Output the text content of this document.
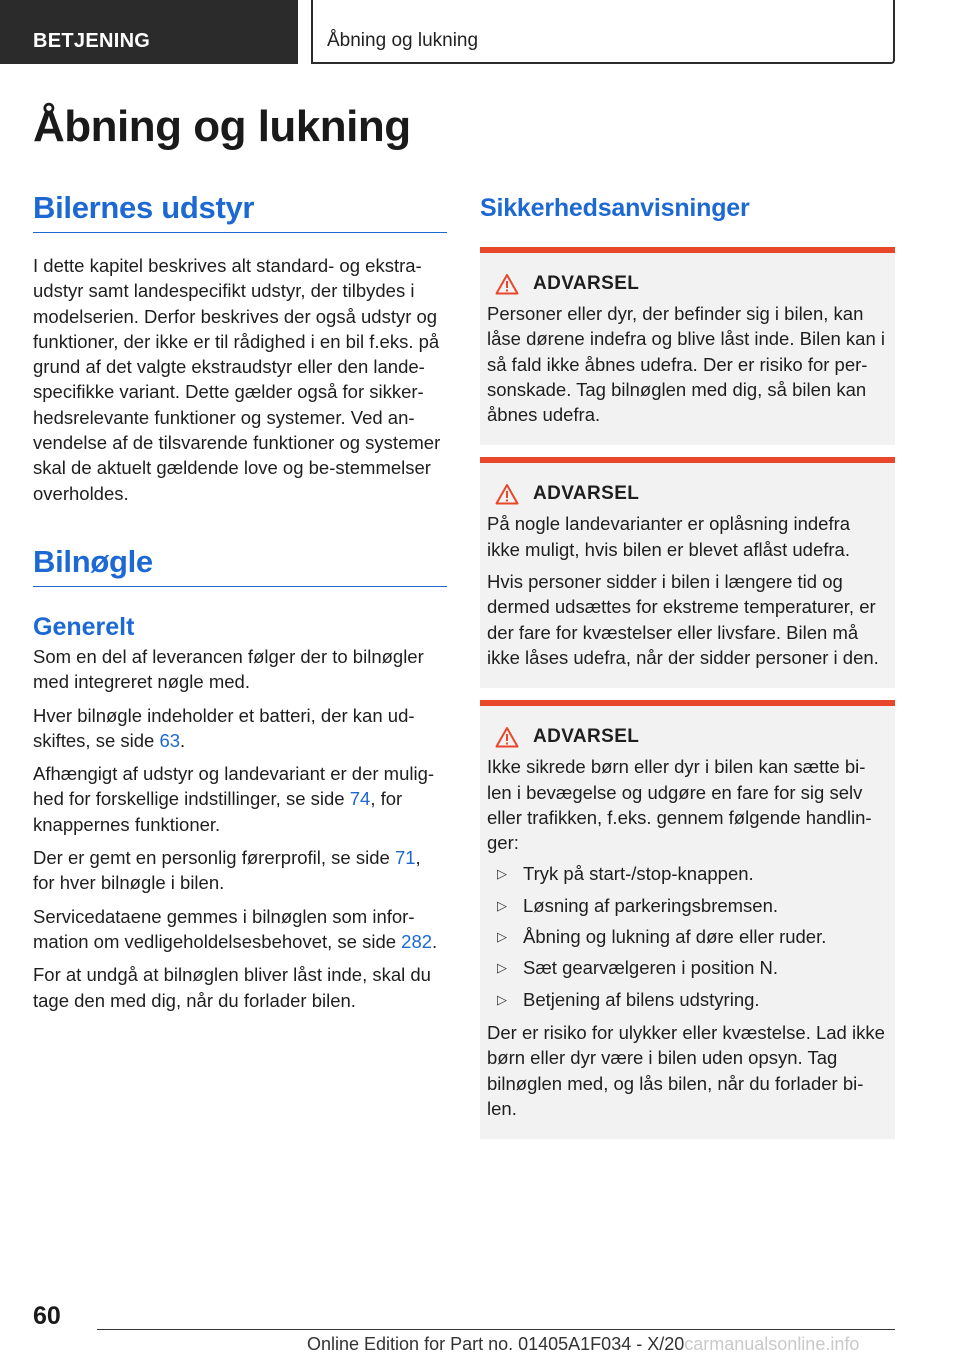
BETJENING	Åbning og lukning
Åbning og lukning
Bilernes udstyr

I dette kapitel beskrives alt standard- og ekstra-udstyr samt landespecifikt udstyr, der tilbydes i modelserien. Derfor beskrives der også udstyr og funktioner, der ikke er til rådighed i en bil f.eks. på grund af det valgte ekstraudstyr eller den lande-specifikke variant. Dette gælder også for sikker-hedsrelevante funktioner og systemer. Ved an-vendelse af de tilsvarende funktioner og systemer skal de aktuelt gældende love og be-stemmelser overholdes.

Bilnøgle
Generelt

Som en del af leverancen følger der to bilnøgler med integreret nøgle med.

Hver bilnøgle indeholder et batteri, der kan ud-skiftes, se side 63.

Afhængigt af udstyr og landevariant er der mulig-hed for forskellige indstillinger, se side 74, for knappernes funktioner.

Der er gemt en personlig førerprofil, se side 71, for hver bilnøgle i bilen.

Servicedataene gemmes i bilnøglen som infor-mation om vedligeholdelsesbehovet, se side 282.

For at undgå at bilnøglen bliver låst inde, skal du tage den med dig, når du forlader bilen.

Sikkerhedsanvisninger
ADVARSEL

Personer eller dyr, der befinder sig i bilen, kan låse dørene indefra og blive låst inde. Bilen kan i så fald ikke åbnes udefra. Der er risiko for per-sonskade. Tag bilnøglen med dig, så bilen kan åbnes udefra.

ADVARSEL

På nogle landevarianter er oplåsning indefra ikke muligt, hvis bilen er blevet aflåst udefra.

Hvis personer sidder i bilen i længere tid og dermed udsættes for ekstreme temperaturer, er der fare for kvæstelser eller livsfare. Bilen må ikke låses udefra, når der sidder personer i den.

ADVARSEL

Ikke sikrede børn eller dyr i bilen kan sætte bi-len i bevægelse og udgøre en fare for sig selv eller trafikken, f.eks. gennem følgende handlin-ger:

▷ Tryk på start-/stop-knappen.
▷ Løsning af parkeringsbremsen.
▷ Åbning og lukning af døre eller ruder.
▷ Sæt gearvælgeren i position N.
▷ Betjening af bilens udstyring.

Der er risiko for ulykker eller kvæstelse. Lad ikke børn eller dyr være i bilen uden opsyn. Tag bilnøglen med, og lås bilen, når du forlader bi-len.

60
Online Edition for Part no. 01405A1F034 - X/20carmanualsonline.info
